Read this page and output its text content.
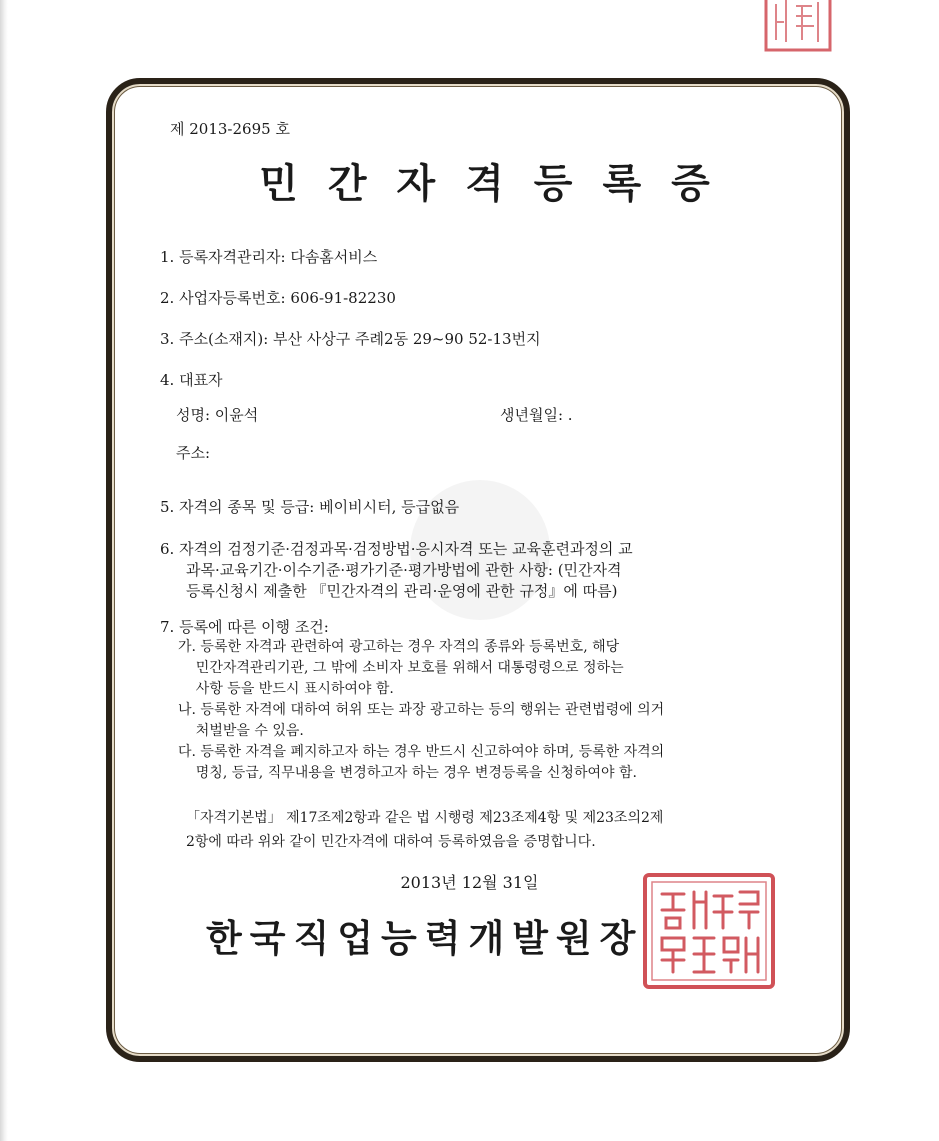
제 2013-2695 호
민간자격등록증
1. 등록자격관리자: 다솜홈서비스
2. 사업자등록번호: 606-91-82230
3. 주소(소재지): 부산 사상구 주례2동 29~90 52-13번지
4. 대표자
성명: 이윤석	생년월일: .
주소:
5. 자격의 종목 및 등급: 베이비시터, 등급없음
6. 자격의 검정기준·검정과목·검정방법·응시자격 또는 교육훈련과정의 교
과목·교육기간·이수기준·평가기준·평가방법에 관한 사항: (민간자격
등록신청시 제출한 『민간자격의 관리·운영에 관한 규정』에 따름)
7. 등록에 따른 이행 조건:
가. 등록한 자격과 관련하여 광고하는 경우 자격의 종류와 등록번호, 해당
민간자격관리기관, 그 밖에 소비자 보호를 위해서 대통령령으로 정하는
사항 등을 반드시 표시하여야 함.
나. 등록한 자격에 대하여 허위 또는 과장 광고하는 등의 행위는 관련법령에 의거
처벌받을 수 있음.
다. 등록한 자격을 폐지하고자 하는 경우 반드시 신고하여야 하며, 등록한 자격의
명칭, 등급, 직무내용을 변경하고자 하는 경우 변경등록을 신청하여야 함.
「자격기본법」 제17조제2항과 같은 법 시행령 제23조제4항 및 제23조의2제
2항에 따라 위와 같이 민간자격에 대하여 등록하였음을 증명합니다.
2013년 12월 31일
한국직업능력개발원장
